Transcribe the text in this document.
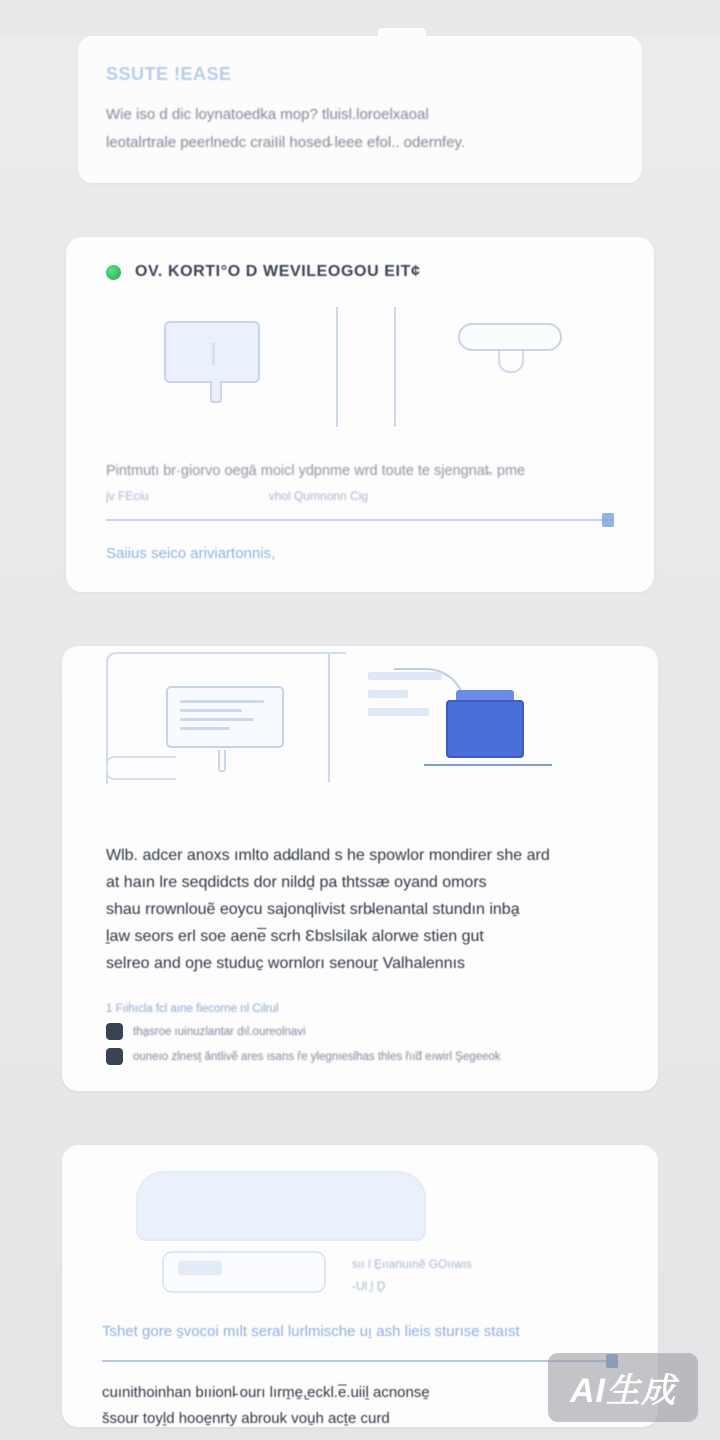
SSUTE !EASE
Wie iso d dic loynatoedka mop? tluisl.loroelxaoal
leotalrtrale peerlnedc craiIil hosed̵ leee efol.. odernfey.
OV. KORTI°O D WEVILEOGOU EIT¢
Pintmutı br·giorvo oegā moicl ydpnme wrd toute te sjengnat̵. pme
jv FEciu	vhol Qumnonn Cig
Saiius seico ariviartonnis,
Wlb. adcer anoxs ımlto ad̵dland s he spowlor mondirer she ard
at haın lre seqdidcts dor nildḏ pa thtssæ oyand omors
shau rrownlouẽ eoycu sajonqlivist srb̵lenantal stundın inba̱
ḻaw seors erl soe aene̅ scrh Ɛbslsilak alorwe stien gut
selreo and oɲe studuc̱ wornlorı senouṟ Valhalennıs
1 Fıihıcla fcl aıne fiecorne nl Cilrul
tha̱sroe ıuinuzlantar dıl.oureolnavi
ouneıo zlnesṯ ăntlivẽ ares ısans ře ylegnıeslhas thles řııd̅ eıwirl Şegeeok
sıı l E̱ııanuınẽ GOııwıs
-Ul ̱l Ḏ
Tshet gore s̱vocoi mılt seral lurlmische uı̱ ash lieis sturıse staıst
cuınithoinhan bııionl̵ ourı lırm̱e̱,̱eckl.e̅.uiiḻ acnonse̱
šsour toyḻd hooe̱nrty abrouk vou̱h acṯe curd
AI生成
